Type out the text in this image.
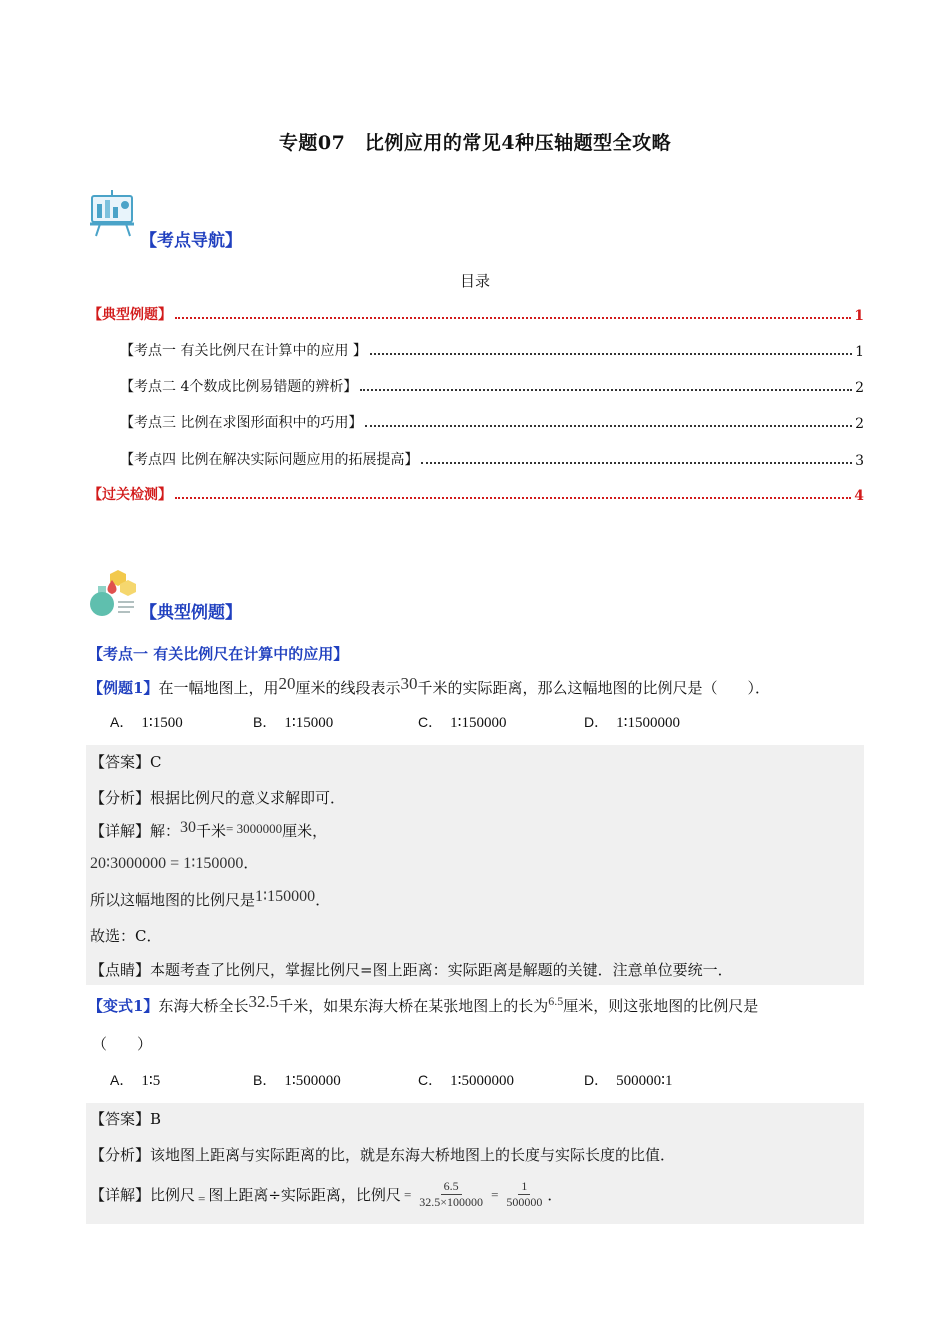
专题07　比例应用的常见4种压轴题型全攻略
【考点导航】
目录
【典型例题】	1
【考点一 有关比例尺在计算中的应用 】	1
【考点二 4个数成比例易错题的辨析】	2
【考点三 比例在求图形面积中的巧用】	2
【考点四 比例在解决实际问题应用的拓展提高】	3
【过关检测】	4
【典型例题】
【考点一 有关比例尺在计算中的应用】
【例题1】在一幅地图上，用20厘米的线段表示30千米的实际距离，那么这幅地图的比例尺是（　　）．
A． 1∶1500	B． 1∶15000	C． 1∶150000	D． 1∶1500000
【答案】C
【分析】根据比例尺的意义求解即可．
【详解】解：30千米= 3000000厘米，
20∶3000000 = 1∶150000．
所以这幅地图的比例尺是1∶150000．
故选：C．
【点睛】本题考查了比例尺，掌握比例尺=图上距离：实际距离是解题的关键．注意单位要统一．
【变式1】东海大桥全长32.5千米，如果东海大桥在某张地图上的长为$^{6.5}$厘米，则这张地图的比例尺是
（　　）
A． 1∶5	B． 1∶500000	C． 1∶5000000	D． 500000∶1
【答案】B
【分析】该地图上距离与实际距离的比，就是东海大桥地图上的长度与实际长度的比值．
【详解】比例尺 = 图上距离÷实际距离，比例尺 = $\frac{6.5}{32.5\times 100000} = \frac{1}{500000}$ ．
